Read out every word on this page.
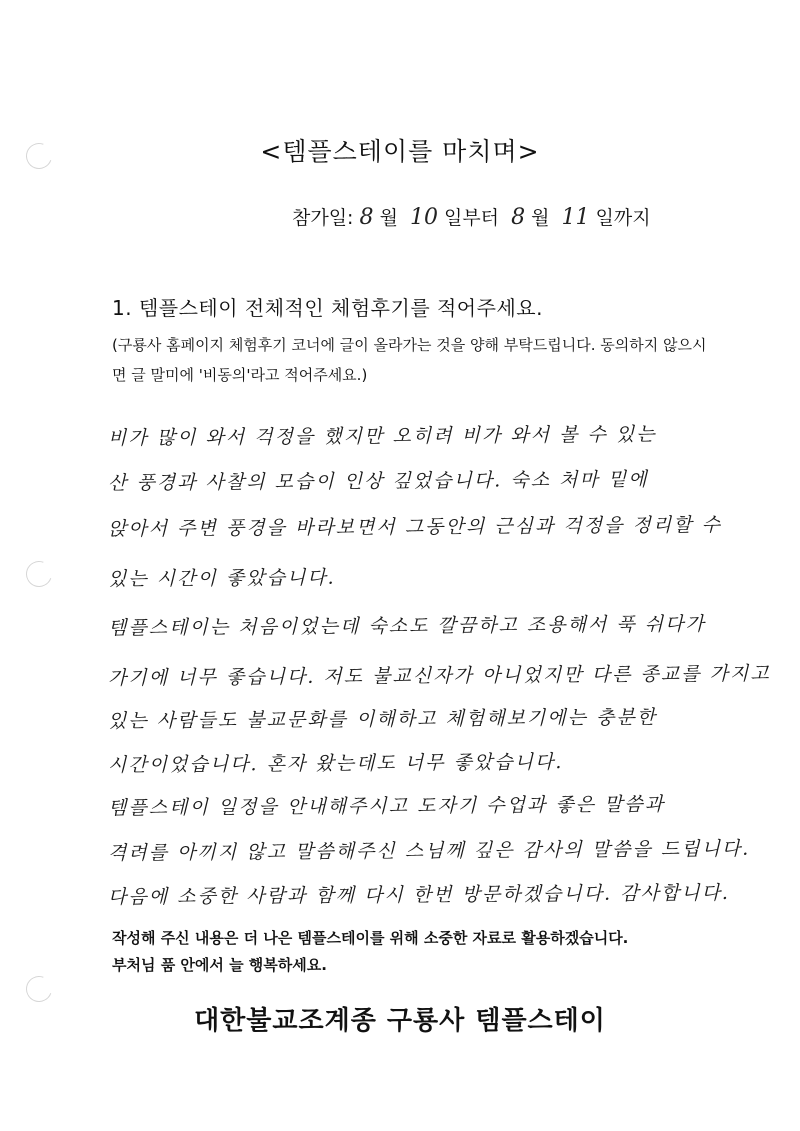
<템플스테이를 마치며>
참가일: 8 월 10 일부터 8 월 11 일까지
1. 템플스테이 전체적인 체험후기를 적어주세요.
(구룡사 홈페이지 체험후기 코너에 글이 올라가는 것을 양해 부탁드립니다. 동의하지 않으시면 글 말미에 '비동의'라고 적어주세요.)
비가 많이 와서 걱정을 했지만 오히려 비가 와서 볼 수 있는
산 풍경과 사찰의 모습이 인상 깊었습니다. 숙소 처마 밑에
앉아서 주변 풍경을 바라보면서 그동안의 근심과 걱정을 정리할 수
있는 시간이 좋았습니다.
템플스테이는 처음이었는데 숙소도 깔끔하고 조용해서 푹 쉬다가
가기에 너무 좋습니다. 저도 불교신자가 아니었지만 다른 종교를 가지고
있는 사람들도 불교문화를 이해하고 체험해보기에는 충분한
시간이었습니다. 혼자 왔는데도 너무 좋았습니다.
템플스테이 일정을 안내해주시고 도자기 수업과 좋은 말씀과
격려를 아끼지 않고 말씀해주신 스님께 깊은 감사의 말씀을 드립니다.
다음에 소중한 사람과 함께 다시 한번 방문하겠습니다. 감사합니다.
작성해 주신 내용은 더 나은 템플스테이를 위해 소중한 자료로 활용하겠습니다.
부처님 품 안에서 늘 행복하세요.
대한불교조계종 구룡사 템플스테이
